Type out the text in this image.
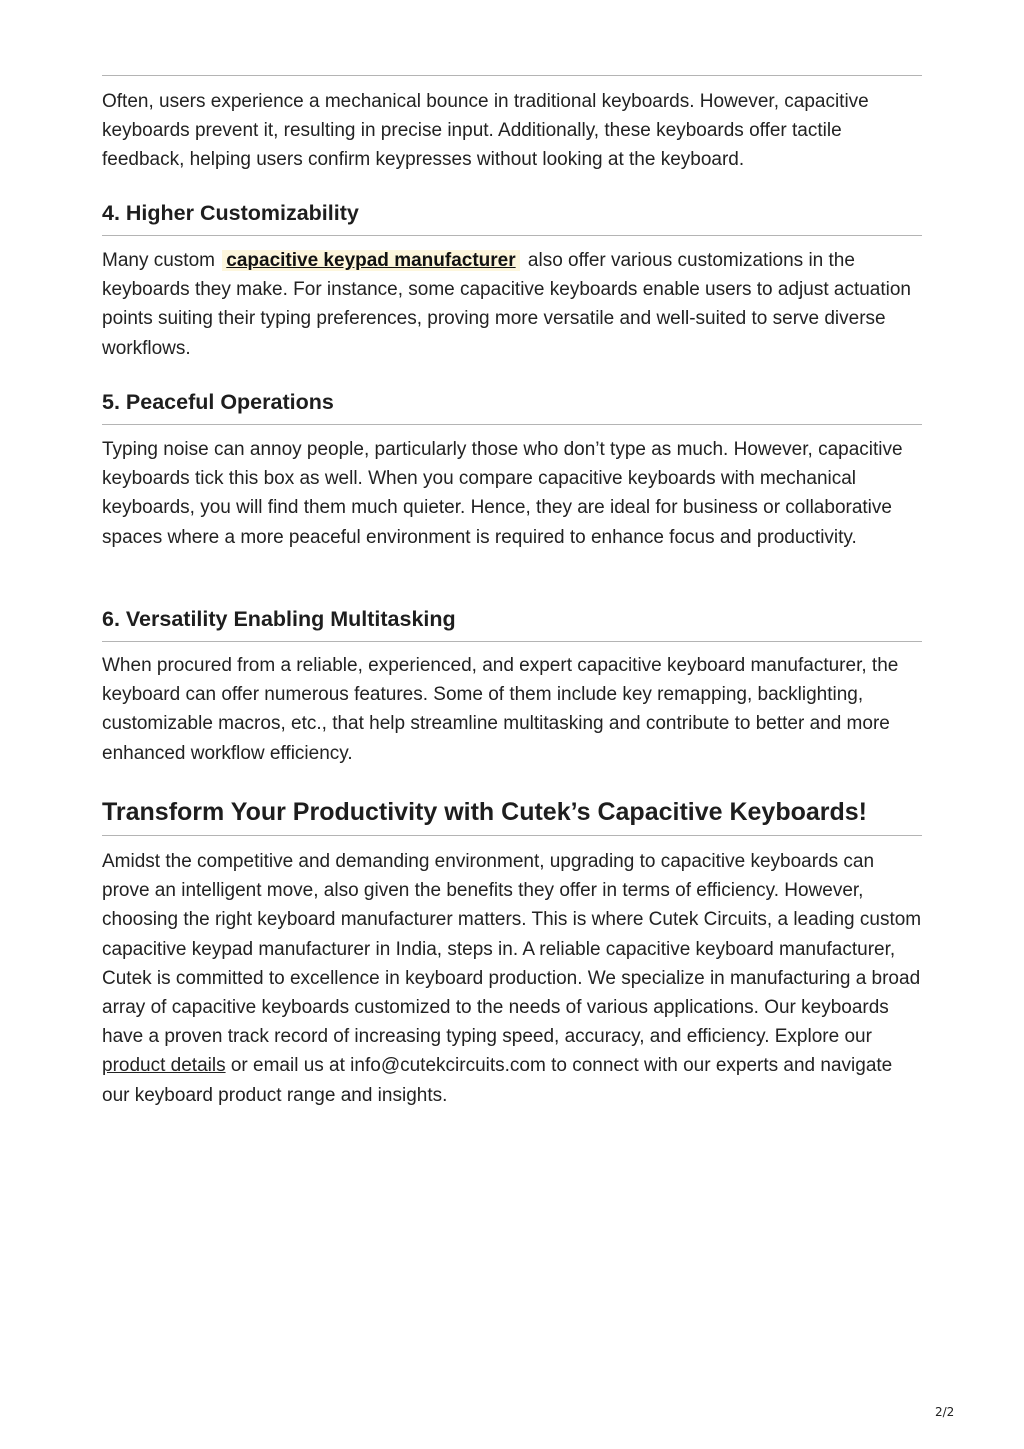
Often, users experience a mechanical bounce in traditional keyboards. However, capacitive keyboards prevent it, resulting in precise input. Additionally, these keyboards offer tactile feedback, helping users confirm keypresses without looking at the keyboard.

4. Higher Customizability

Many custom capacitive keypad manufacturer also offer various customizations in the keyboards they make. For instance, some capacitive keyboards enable users to adjust actuation points suiting their typing preferences, proving more versatile and well-suited to serve diverse workflows.

5. Peaceful Operations

Typing noise can annoy people, particularly those who don’t type as much. However, capacitive keyboards tick this box as well. When you compare capacitive keyboards with mechanical keyboards, you will find them much quieter. Hence, they are ideal for business or collaborative spaces where a more peaceful environment is required to enhance focus and productivity.

6. Versatility Enabling Multitasking

When procured from a reliable, experienced, and expert capacitive keyboard manufacturer, the keyboard can offer numerous features. Some of them include key remapping, backlighting, customizable macros, etc., that help streamline multitasking and contribute to better and more enhanced workflow efficiency.

Transform Your Productivity with Cutek’s Capacitive Keyboards!

Amidst the competitive and demanding environment, upgrading to capacitive keyboards can prove an intelligent move, also given the benefits they offer in terms of efficiency. However, choosing the right keyboard manufacturer matters. This is where Cutek Circuits, a leading custom capacitive keypad manufacturer in India, steps in. A reliable capacitive keyboard manufacturer, Cutek is committed to excellence in keyboard production. We specialize in manufacturing a broad array of capacitive keyboards customized to the needs of various applications. Our keyboards have a proven track record of increasing typing speed, accuracy, and efficiency. Explore our product details or email us at info@cutekcircuits.com to connect with our experts and navigate our keyboard product range and insights.

2/2
